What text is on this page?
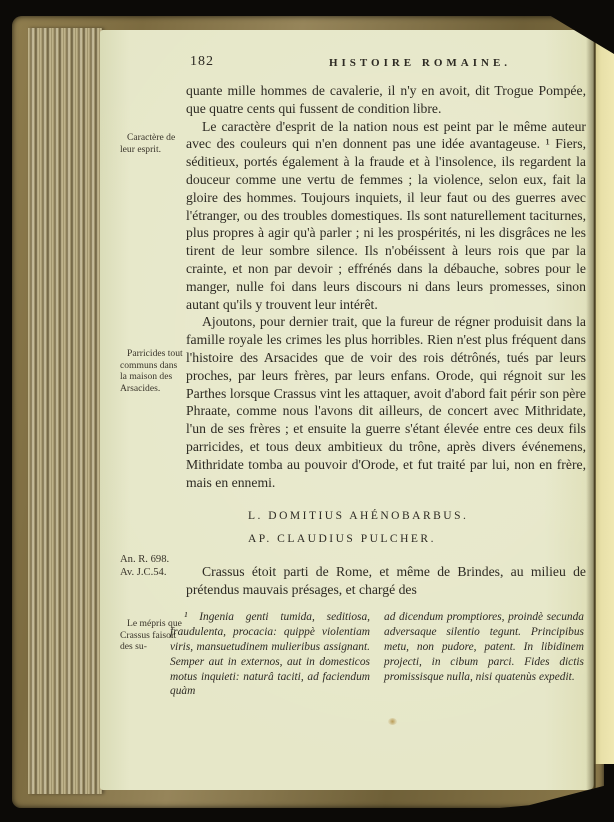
182	HISTOIRE ROMAINE.
Caractère de leur esprit.
Parricides tout communs dans la maison des Arsacides.
An. R. 698.
Av. J.C.54.
Le mépris que Crassus faisoit des su-

quante mille hommes de cavalerie, il n'y en avoit, dit Trogue Pompée, que quatre cents qui fussent de condition libre.

Le caractère d'esprit de la nation nous est peint par le même auteur avec des couleurs qui n'en donnent pas une idée avantageuse. ¹ Fiers, séditieux, portés également à la fraude et à l'insolence, ils regardent la douceur comme une vertu de femmes ; la violence, selon eux, fait la gloire des hommes. Toujours inquiets, il leur faut ou des guerres avec l'étranger, ou des troubles domestiques. Ils sont naturellement taciturnes, plus propres à agir qu'à parler ; ni les prospérités, ni les disgrâces ne les tirent de leur sombre silence. Ils n'obéissent à leurs rois que par la crainte, et non par devoir ; effrénés dans la débauche, sobres pour le manger, nulle foi dans leurs discours ni dans leurs promesses, sinon autant qu'ils y trouvent leur intérêt.

Ajoutons, pour dernier trait, que la fureur de régner produisit dans la famille royale les crimes les plus horribles. Rien n'est plus fréquent dans l'histoire des Arsacides que de voir des rois détrônés, tués par leurs proches, par leurs frères, par leurs enfans. Orode, qui régnoit sur les Parthes lorsque Crassus vint les attaquer, avoit d'abord fait périr son père Phraate, comme nous l'avons dit ailleurs, de concert avec Mithridate, l'un de ses frères ; et ensuite la guerre s'étant élevée entre ces deux fils parricides, et tous deux ambitieux du trône, après divers événemens, Mithridate tomba au pouvoir d'Orode, et fut traité par lui, non en frère, mais en ennemi.

L. DOMITIUS AHÉNOBARBUS.
AP. CLAUDIUS PULCHER.

Crassus étoit parti de Rome, et même de Brindes, au milieu de prétendus mauvais présages, et chargé des

¹ Ingenia genti tumida, seditiosa, fraudulenta, procacia: quippè violentiam viris, mansuetudinem mulieribus assignant. Semper aut in externos, aut in domesticos motus inquieti: naturâ taciti, ad faciendum quàm
ad dicendum promptiores, proindè secunda adversaque silentio tegunt. Principibus metu, non pudore, patent. In libidinem projecti, in cibum parci. Fides dictis promissisque nulla, nisi quatenùs expedit.
